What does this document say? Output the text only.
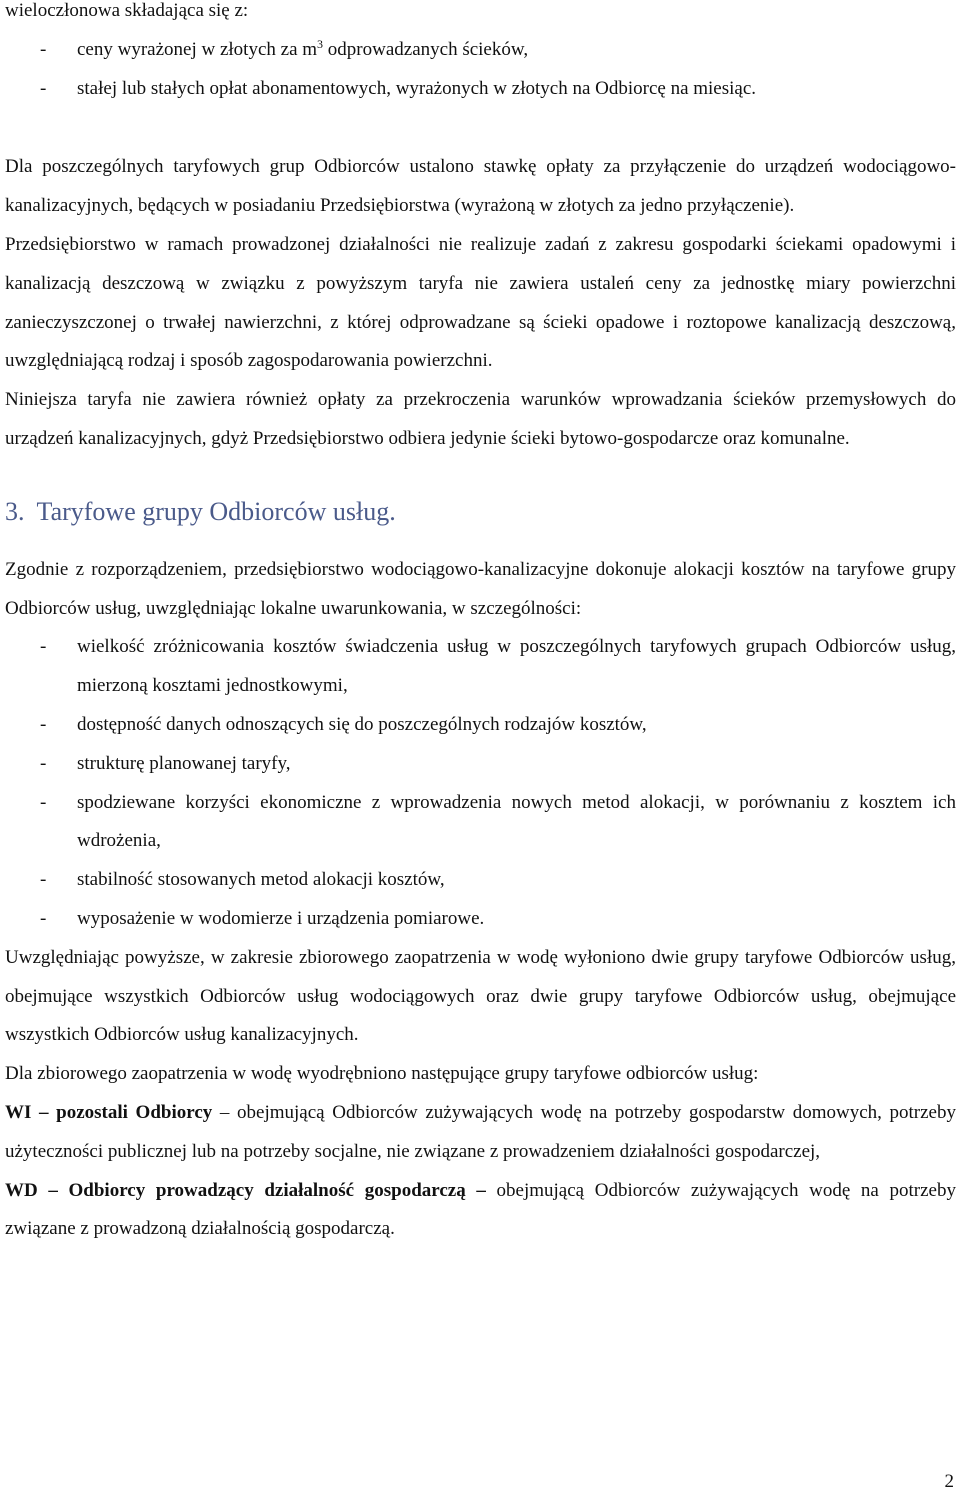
wieloczłonowa składająca się z:

- ceny wyrażonej w złotych za $m^3$ odprowadzanych ścieków,
- stałej lub stałych opłat abonamentowych, wyrażonych w złotych na Odbiorcę na miesiąc.

Dla poszczególnych taryfowych grup Odbiorców ustalono stawkę opłaty za przyłączenie do urządzeń wodociągowo-kanalizacyjnych, będących w posiadaniu Przedsiębiorstwa (wyrażoną w złotych za jedno przyłączenie).

Przedsiębiorstwo w ramach prowadzonej działalności nie realizuje zadań z zakresu gospodarki ściekami opadowymi i kanalizacją deszczową w związku z powyższym taryfa nie zawiera ustaleń ceny za jednostkę miary powierzchni zanieczyszczonej o trwałej nawierzchni, z której odprowadzane są ścieki opadowe i roztopowe kanalizacją deszczową, uwzględniającą rodzaj i sposób zagospodarowania powierzchni.

Niniejsza taryfa nie zawiera również opłaty za przekroczenia warunków wprowadzania ścieków przemysłowych do urządzeń kanalizacyjnych, gdyż Przedsiębiorstwo odbiera jedynie ścieki bytowo-gospodarcze oraz komunalne.

3. Taryfowe grupy Odbiorców usług.

Zgodnie z rozporządzeniem, przedsiębiorstwo wodociągowo-kanalizacyjne dokonuje alokacji kosztów na taryfowe grupy Odbiorców usług, uwzględniając lokalne uwarunkowania, w szczególności:

- wielkość zróżnicowania kosztów świadczenia usług w poszczególnych taryfowych grupach Odbiorców usług, mierzoną kosztami jednostkowymi,
- dostępność danych odnoszących się do poszczególnych rodzajów kosztów,
- strukturę planowanej taryfy,
- spodziewane korzyści ekonomiczne z wprowadzenia nowych metod alokacji, w porównaniu z kosztem ich wdrożenia,
- stabilność stosowanych metod alokacji kosztów,
- wyposażenie w wodomierze i urządzenia pomiarowe.

Uwzględniając powyższe, w zakresie zbiorowego zaopatrzenia w wodę wyłoniono dwie grupy taryfowe Odbiorców usług, obejmujące wszystkich Odbiorców usług wodociągowych oraz dwie grupy taryfowe Odbiorców usług, obejmujące wszystkich Odbiorców usług kanalizacyjnych.

Dla zbiorowego zaopatrzenia w wodę wyodrębniono następujące grupy taryfowe odbiorców usług:

WI – pozostali Odbiorcy – obejmującą Odbiorców zużywających wodę na potrzeby gospodarstw domowych, potrzeby użyteczności publicznej lub na potrzeby socjalne, nie związane z prowadzeniem działalności gospodarczej,

WD – Odbiorcy prowadzący działalność gospodarczą – obejmującą Odbiorców zużywających wodę na potrzeby związane z prowadzoną działalnością gospodarczą.

2
